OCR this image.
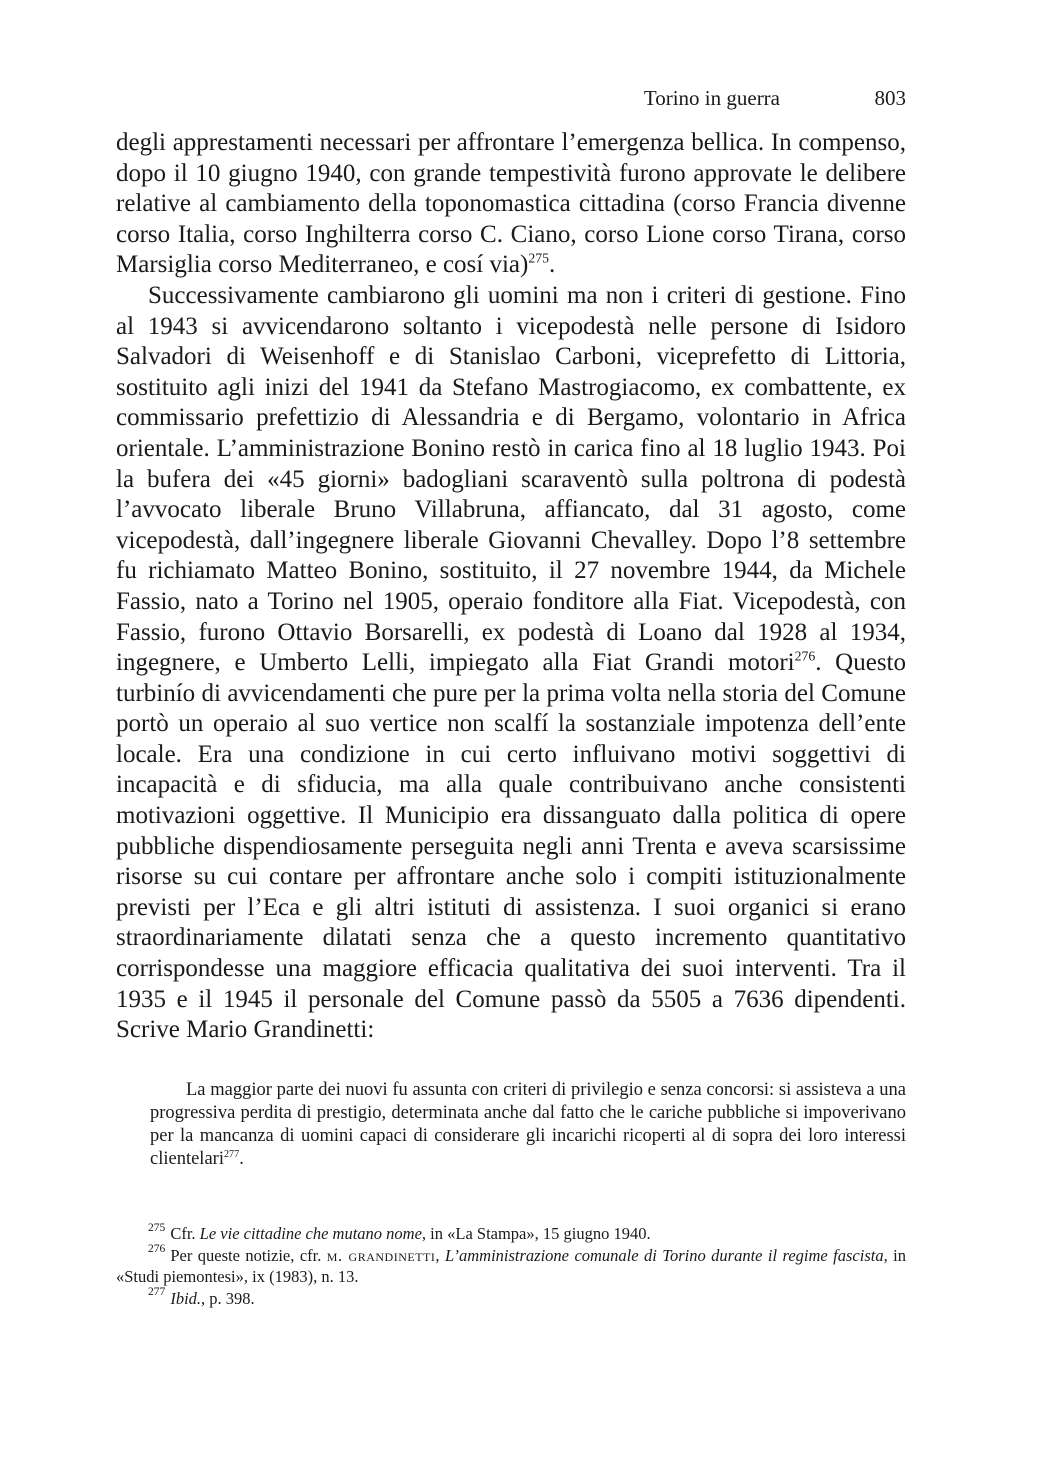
Torino in guerra	803

degli apprestamenti necessari per affrontare l’emergenza bellica. In compenso, dopo il 10 giugno 1940, con grande tempestività furono approvate le delibere relative al cambiamento della toponomastica cittadina (corso Francia divenne corso Italia, corso Inghilterra corso C. Ciano, corso Lione corso Tirana, corso Marsiglia corso Mediterraneo, e cosí via)$^{275}$.

Successivamente cambiarono gli uomini ma non i criteri di gestione. Fino al 1943 si avvicendarono soltanto i vicepodestà nelle persone di Isidoro Salvadori di Weisenhoff e di Stanislao Carboni, viceprefetto di Littoria, sostituito agli inizi del 1941 da Stefano Mastrogiacomo, ex combattente, ex commissario prefettizio di Alessandria e di Bergamo, volontario in Africa orientale. L’amministrazione Bonino restò in carica fino al 18 luglio 1943. Poi la bufera dei «45 giorni» badogliani scaraventò sulla poltrona di podestà l’avvocato liberale Bruno Villabruna, affiancato, dal 31 agosto, come vicepodestà, dall’ingegnere liberale Giovanni Chevalley. Dopo l’8 settembre fu richiamato Matteo Bonino, sostituito, il 27 novembre 1944, da Michele Fassio, nato a Torino nel 1905, operaio fonditore alla Fiat. Vicepodestà, con Fassio, furono Ottavio Borsarelli, ex podestà di Loano dal 1928 al 1934, ingegnere, e Umberto Lelli, impiegato alla Fiat Grandi motori$^{276}$. Questo turbinío di avvicendamenti che pure per la prima volta nella storia del Comune portò un operaio al suo vertice non scalfí la sostanziale impotenza dell’ente locale. Era una condizione in cui certo influivano motivi soggettivi di incapacità e di sfiducia, ma alla quale contribuivano anche consistenti motivazioni oggettive. Il Municipio era dissanguato dalla politica di opere pubbliche dispendiosamente perseguita negli anni Trenta e aveva scarsissime risorse su cui contare per affrontare anche solo i compiti istituzionalmente previsti per l’Eca e gli altri istituti di assistenza. I suoi organici si erano straordinariamente dilatati senza che a questo incremento quantitativo corrispondesse una maggiore efficacia qualitativa dei suoi interventi. Tra il 1935 e il 1945 il personale del Comune passò da 5505 a 7636 dipendenti. Scrive Mario Grandinetti:

La maggior parte dei nuovi fu assunta con criteri di privilegio e senza concorsi: si assisteva a una progressiva perdita di prestigio, determinata anche dal fatto che le cariche pubbliche si impoverivano per la mancanza di uomini capaci di considerare gli incarichi ricoperti al di sopra dei loro interessi clientelari$^{277}$.

$^{275}$ Cfr. Le vie cittadine che mutano nome, in «La Stampa», 15 giugno 1940.

$^{276}$ Per queste notizie, cfr. m. grandinetti, L’amministrazione comunale di Torino durante il regime fascista, in «Studi piemontesi», ix (1983), n. 13.

$^{277}$ Ibid., p. 398.
